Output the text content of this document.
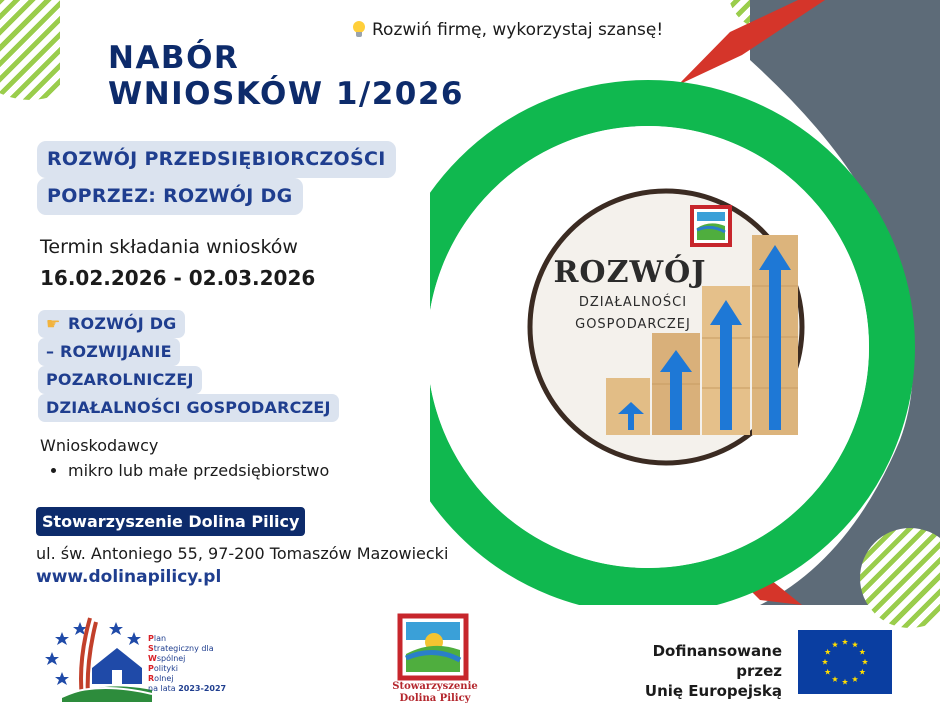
ROZWÓJ
DZIAŁALNOŚCI
GOSPODARCZEJ
Rozwiń firmę, wykorzystaj szansę!
NABÓR
WNIOSKÓW 1/2026
ROZWÓJ PRZEDSIĘBIORCZOŚCI
POPRZEZ: ROZWÓJ DG
Termin składania wniosków
16.02.2026 - 02.03.2026
☛ ROZWÓJ DG
– ROZWIJANIE
POZAROLNICZEJ
DZIAŁALNOŚCI GOSPODARCZEJ
Wnioskodawcy
• mikro lub małe przedsiębiorstwo
Stowarzyszenie Dolina Pilicy
ul. św. Antoniego 55, 97-200 Tomaszów Mazowiecki
www.dolinapilicy.pl
Plan
Strategiczny dla
Wspólnej
Polityki
Rolnej
na lata 2023-2027	Stowarzyszenie
Dolina Pilicy
Dofinansowane przez
Unię Europejską
